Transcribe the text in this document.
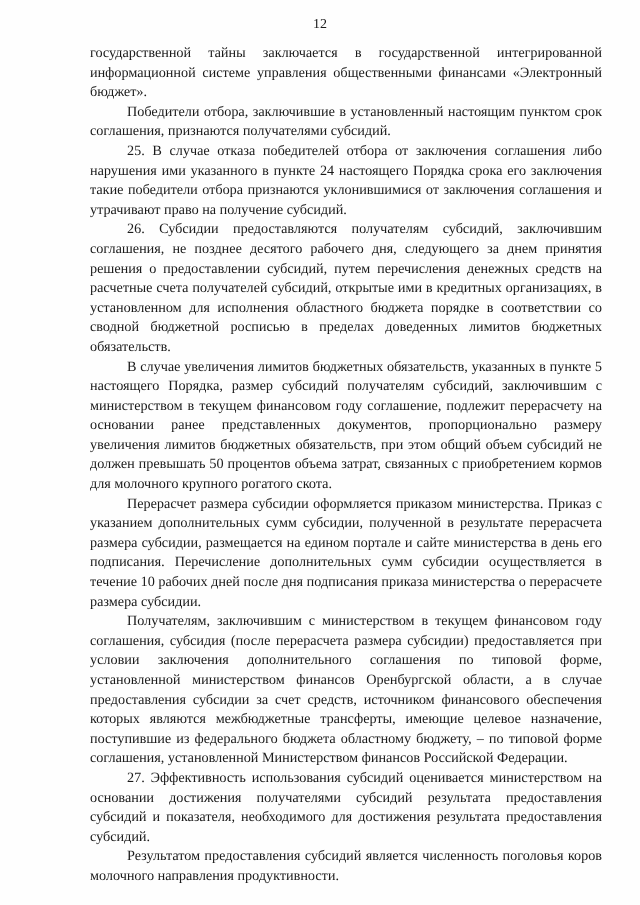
12

государственной тайны заключается в государственной интегрированной информационной системе управления общественными финансами «Электронный бюджет».

Победители отбора, заключившие в установленный настоящим пунктом срок соглашения, признаются получателями субсидий.

25. В случае отказа победителей отбора от заключения соглашения либо нарушения ими указанного в пункте 24 настоящего Порядка срока его заключения такие победители отбора признаются уклонившимися от заключения соглашения и утрачивают право на получение субсидий.

26. Субсидии предоставляются получателям субсидий, заключившим соглашения, не позднее десятого рабочего дня, следующего за днем принятия решения о предоставлении субсидий, путем перечисления денежных средств на расчетные счета получателей субсидий, открытые ими в кредитных организациях, в установленном для исполнения областного бюджета порядке в соответствии со сводной бюджетной росписью в пределах доведенных лимитов бюджетных обязательств.

В случае увеличения лимитов бюджетных обязательств, указанных в пункте 5 настоящего Порядка, размер субсидий получателям субсидий, заключившим с министерством в текущем финансовом году соглашение, подлежит перерасчету на основании ранее представленных документов, пропорционально размеру увеличения лимитов бюджетных обязательств, при этом общий объем субсидий не должен превышать 50 процентов объема затрат, связанных с приобретением кормов для молочного крупного рогатого скота.

Перерасчет размера субсидии оформляется приказом министерства. Приказ с указанием дополнительных сумм субсидии, полученной в результате перерасчета размера субсидии, размещается на едином портале и сайте министерства в день его подписания. Перечисление дополнительных сумм субсидии осуществляется в течение 10 рабочих дней после дня подписания приказа министерства о перерасчете размера субсидии.

Получателям, заключившим с министерством в текущем финансовом году соглашения, субсидия (после перерасчета размера субсидии) предоставляется при условии заключения дополнительного соглашения по типовой форме, установленной министерством финансов Оренбургской области, а в случае предоставления субсидии за счет средств, источником финансового обеспечения которых являются межбюджетные трансферты, имеющие целевое назначение, поступившие из федерального бюджета областному бюджету, – по типовой форме соглашения, установленной Министерством финансов Российской Федерации.

27. Эффективность использования субсидий оценивается министерством на основании достижения получателями субсидий результата предоставления субсидий и показателя, необходимого для достижения результата предоставления субсидий.

Результатом предоставления субсидий является численность поголовья коров молочного направления продуктивности.
